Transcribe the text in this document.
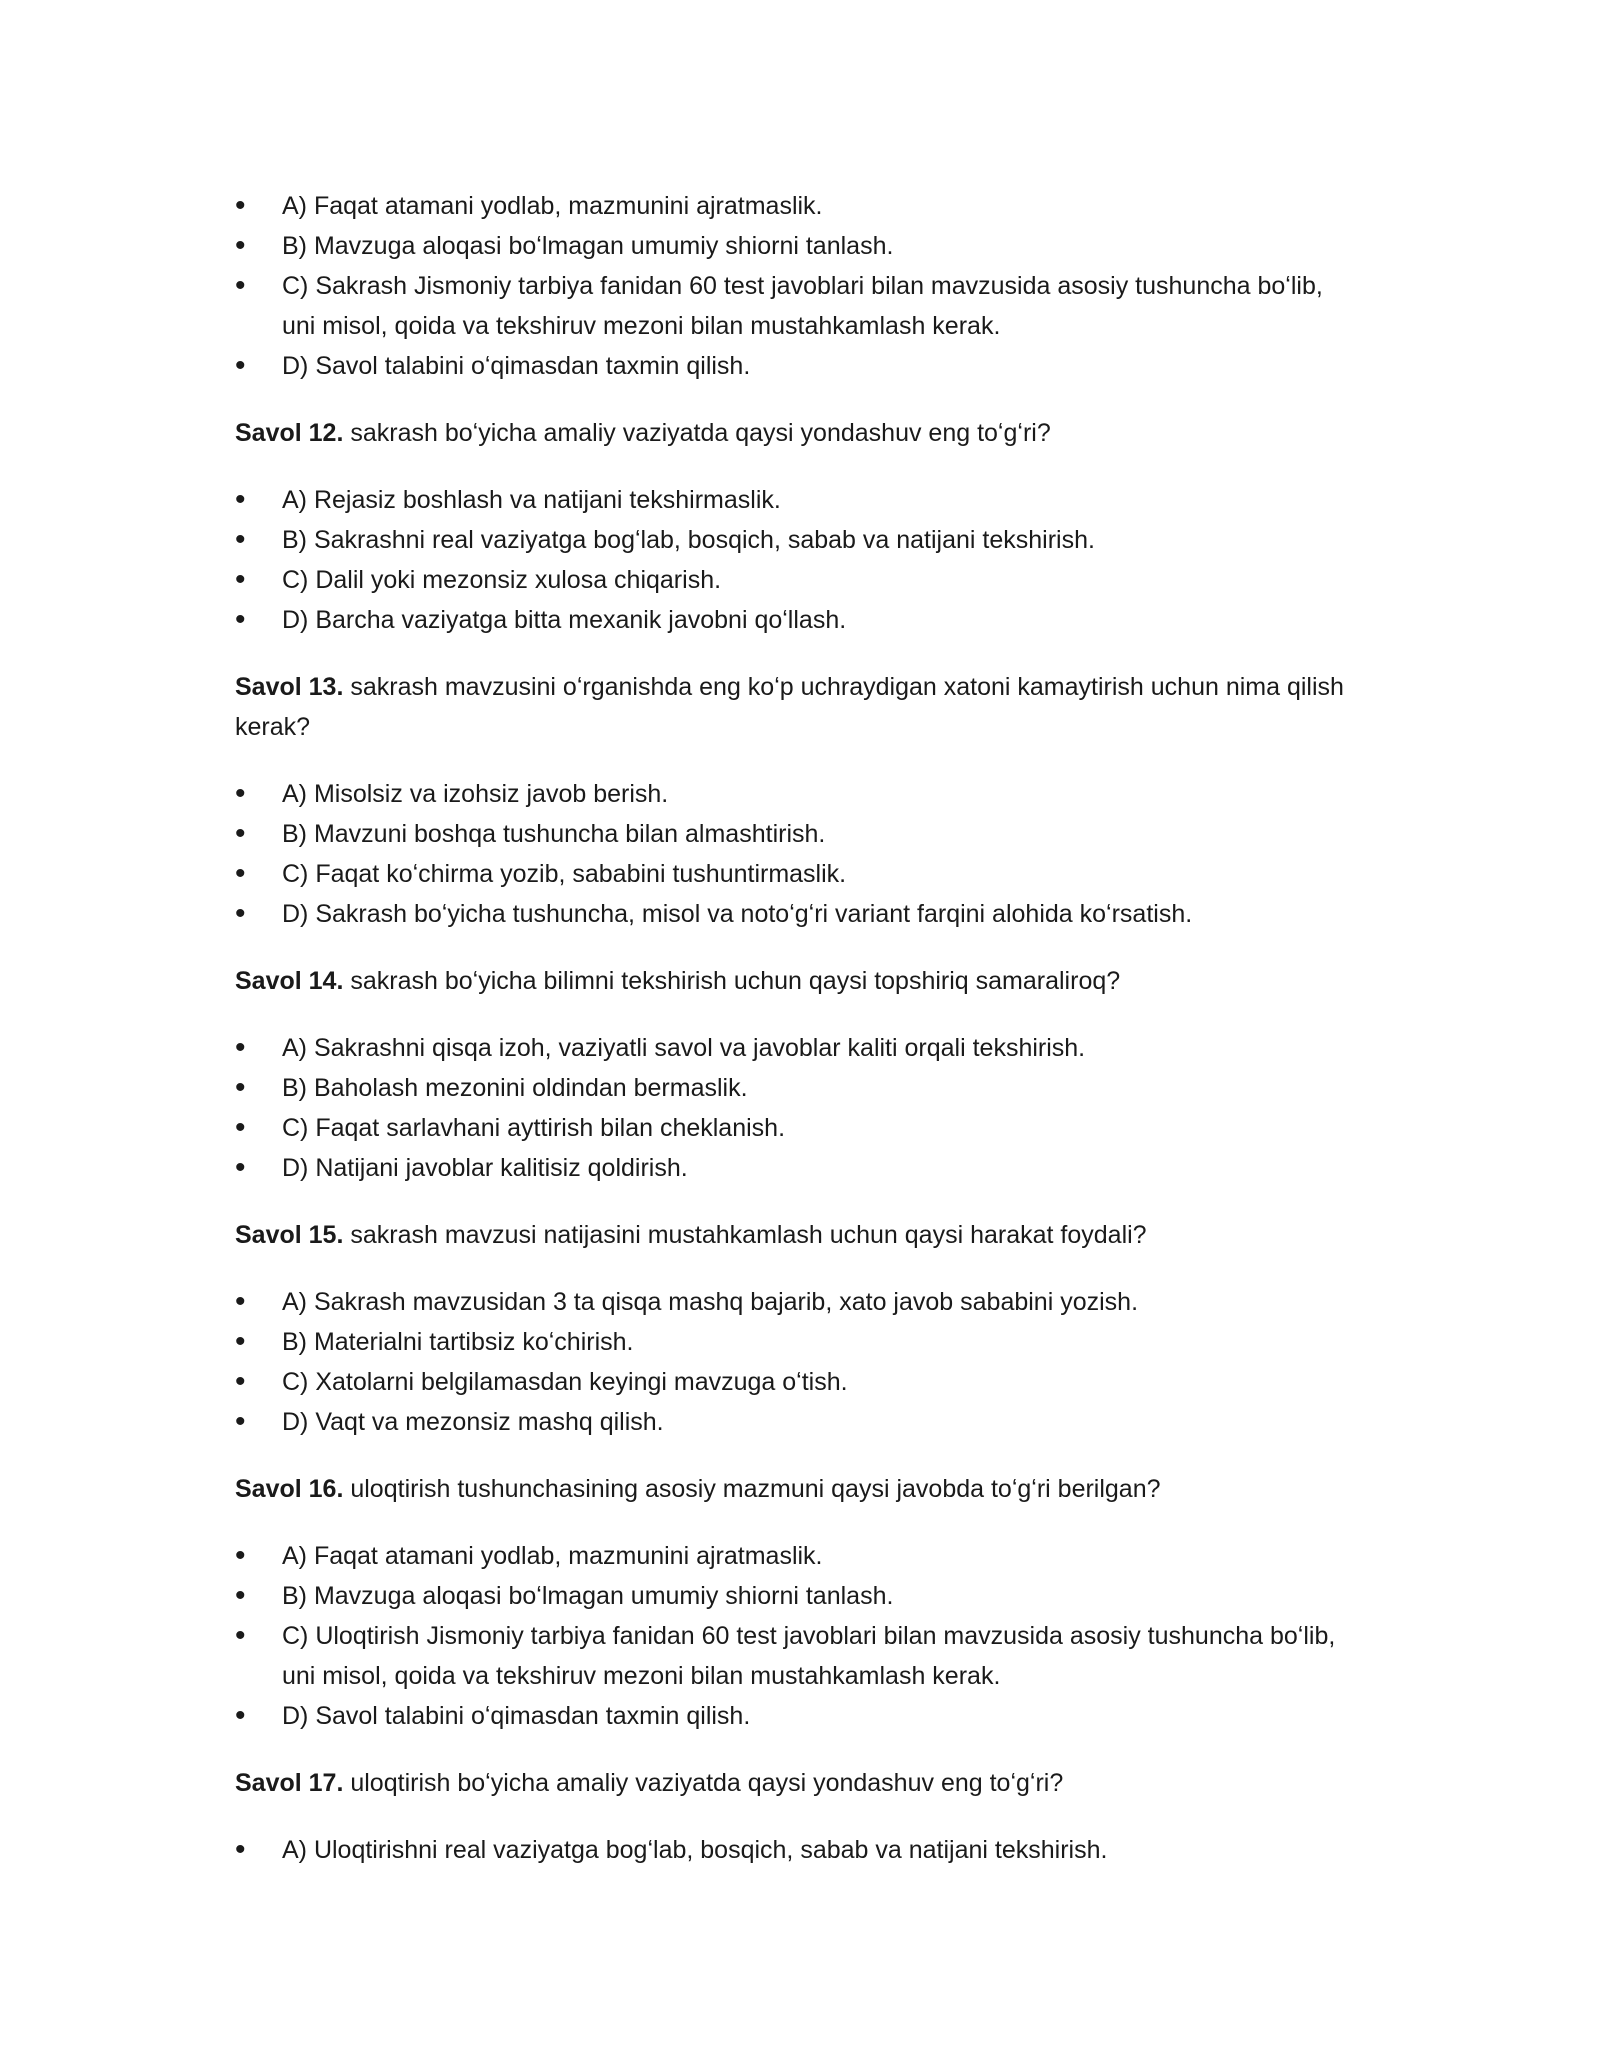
• A) Faqat atamani yodlab, mazmunini ajratmaslik.
• B) Mavzuga aloqasi boʻlmagan umumiy shiorni tanlash.
• C) Sakrash Jismoniy tarbiya fanidan 60 test javoblari bilan mavzusida asosiy tushuncha boʻlib, uni misol, qoida va tekshiruv mezoni bilan mustahkamlash kerak.
• D) Savol talabini oʻqimasdan taxmin qilish.

Savol 12. sakrash boʻyicha amaliy vaziyatda qaysi yondashuv eng toʻgʻri?

• A) Rejasiz boshlash va natijani tekshirmaslik.
• B) Sakrashni real vaziyatga bogʻlab, bosqich, sabab va natijani tekshirish.
• C) Dalil yoki mezonsiz xulosa chiqarish.
• D) Barcha vaziyatga bitta mexanik javobni qoʻllash.

Savol 13. sakrash mavzusini oʻrganishda eng koʻp uchraydigan xatoni kamaytirish uchun nima qilish kerak?

• A) Misolsiz va izohsiz javob berish.
• B) Mavzuni boshqa tushuncha bilan almashtirish.
• C) Faqat koʻchirma yozib, sababini tushuntirmaslik.
• D) Sakrash boʻyicha tushuncha, misol va notoʻgʻri variant farqini alohida koʻrsatish.

Savol 14. sakrash boʻyicha bilimni tekshirish uchun qaysi topshiriq samaraliroq?

• A) Sakrashni qisqa izoh, vaziyatli savol va javoblar kaliti orqali tekshirish.
• B) Baholash mezonini oldindan bermaslik.
• C) Faqat sarlavhani ayttirish bilan cheklanish.
• D) Natijani javoblar kalitisiz qoldirish.

Savol 15. sakrash mavzusi natijasini mustahkamlash uchun qaysi harakat foydali?

• A) Sakrash mavzusidan 3 ta qisqa mashq bajarib, xato javob sababini yozish.
• B) Materialni tartibsiz koʻchirish.
• C) Xatolarni belgilamasdan keyingi mavzuga oʻtish.
• D) Vaqt va mezonsiz mashq qilish.

Savol 16. uloqtirish tushunchasining asosiy mazmuni qaysi javobda toʻgʻri berilgan?

• A) Faqat atamani yodlab, mazmunini ajratmaslik.
• B) Mavzuga aloqasi boʻlmagan umumiy shiorni tanlash.
• C) Uloqtirish Jismoniy tarbiya fanidan 60 test javoblari bilan mavzusida asosiy tushuncha boʻlib, uni misol, qoida va tekshiruv mezoni bilan mustahkamlash kerak.
• D) Savol talabini oʻqimasdan taxmin qilish.

Savol 17. uloqtirish boʻyicha amaliy vaziyatda qaysi yondashuv eng toʻgʻri?

• A) Uloqtirishni real vaziyatga bogʻlab, bosqich, sabab va natijani tekshirish.
